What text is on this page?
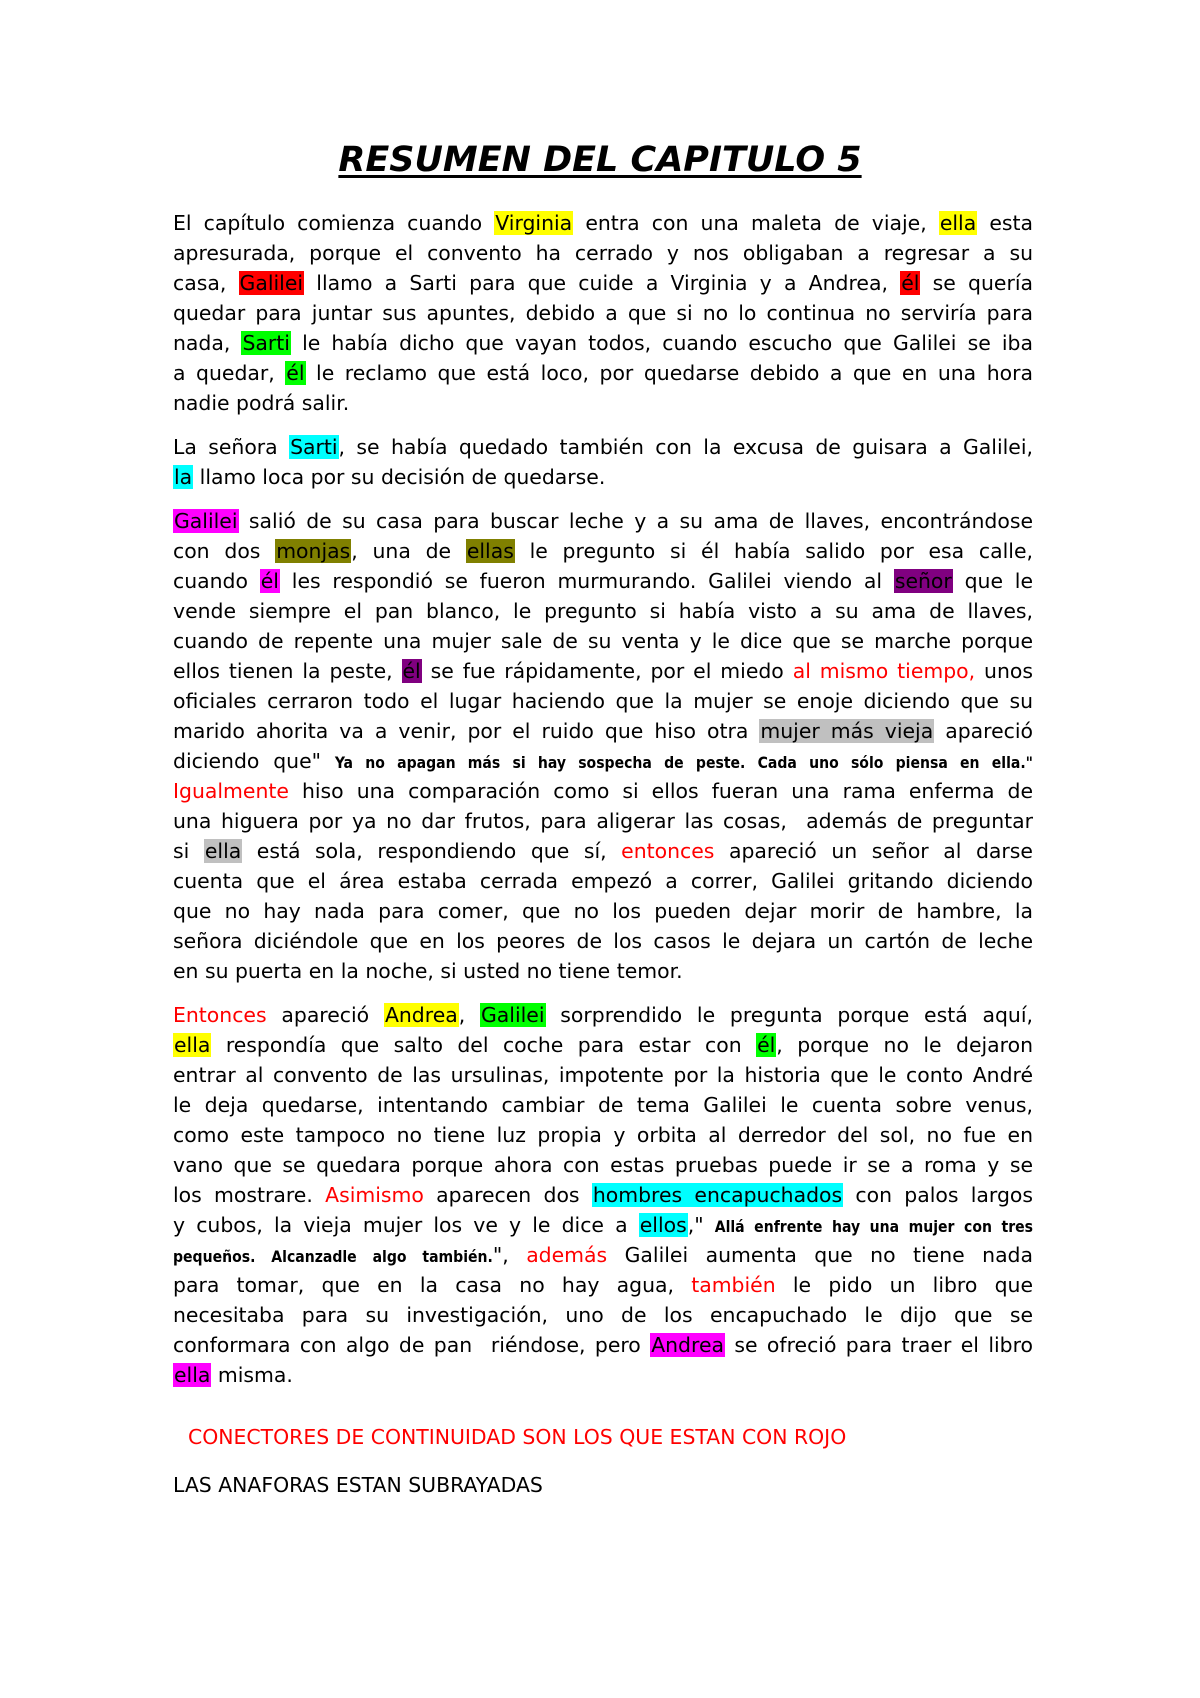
RESUMEN DEL CAPITULO 5
El capítulo comienza cuando Virginia entra con una maleta de viaje, ella esta
apresurada, porque el convento ha cerrado y nos obligaban a regresar a su
casa, Galilei llamo a Sarti para que cuide a Virginia y a Andrea, él se quería
quedar para juntar sus apuntes, debido a que si no lo continua no serviría para
nada, Sarti le había dicho que vayan todos, cuando escucho que Galilei se iba
a quedar, él le reclamo que está loco, por quedarse debido a que en una hora
nadie podrá salir.
La señora Sarti, se había quedado también con la excusa de guisara a Galilei,
la llamo loca por su decisión de quedarse.
Galilei salió de su casa para buscar leche y a su ama de llaves, encontrándose
con dos monjas, una de ellas le pregunto si él había salido por esa calle,
cuando él les respondió se fueron murmurando. Galilei viendo al señor que le
vende siempre el pan blanco, le pregunto si había visto a su ama de llaves,
cuando de repente una mujer sale de su venta y le dice que se marche porque
ellos tienen la peste, él se fue rápidamente, por el miedo al mismo tiempo, unos
oficiales cerraron todo el lugar haciendo que la mujer se enoje diciendo que su
marido ahorita va a venir, por el ruido que hiso otra mujer más vieja apareció
diciendo que" Ya no apagan más si hay sospecha de peste. Cada uno sólo piensa en ella."
Igualmente hiso una comparación como si ellos fueran una rama enferma de
una higuera por ya no dar frutos, para aligerar las cosas,  además de preguntar
si ella está sola, respondiendo que sí, entonces apareció un señor al darse
cuenta que el área estaba cerrada empezó a correr, Galilei gritando diciendo
que no hay nada para comer, que no los pueden dejar morir de hambre, la
señora diciéndole que en los peores de los casos le dejara un cartón de leche
en su puerta en la noche, si usted no tiene temor.
Entonces apareció Andrea, Galilei sorprendido le pregunta porque está aquí,
ella respondía que salto del coche para estar con él, porque no le dejaron
entrar al convento de las ursulinas, impotente por la historia que le conto André
le deja quedarse, intentando cambiar de tema Galilei le cuenta sobre venus,
como este tampoco no tiene luz propia y orbita al derredor del sol, no fue en
vano que se quedara porque ahora con estas pruebas puede ir se a roma y se
los mostrare. Asimismo aparecen dos hombres encapuchados con palos largos
y cubos, la vieja mujer los ve y le dice a ellos," Allá enfrente hay una mujer con tres
pequeños. Alcanzadle algo también.", además Galilei aumenta que no tiene nada
para tomar, que en la casa no hay agua, también le pido un libro que
necesitaba para su investigación, uno de los encapuchado le dijo que se
conformara con algo de pan  riéndose, pero Andrea se ofreció para traer el libro
ella misma.
CONECTORES DE CONTINUIDAD SON LOS QUE ESTAN CON ROJO
LAS ANAFORAS ESTAN SUBRAYADAS
